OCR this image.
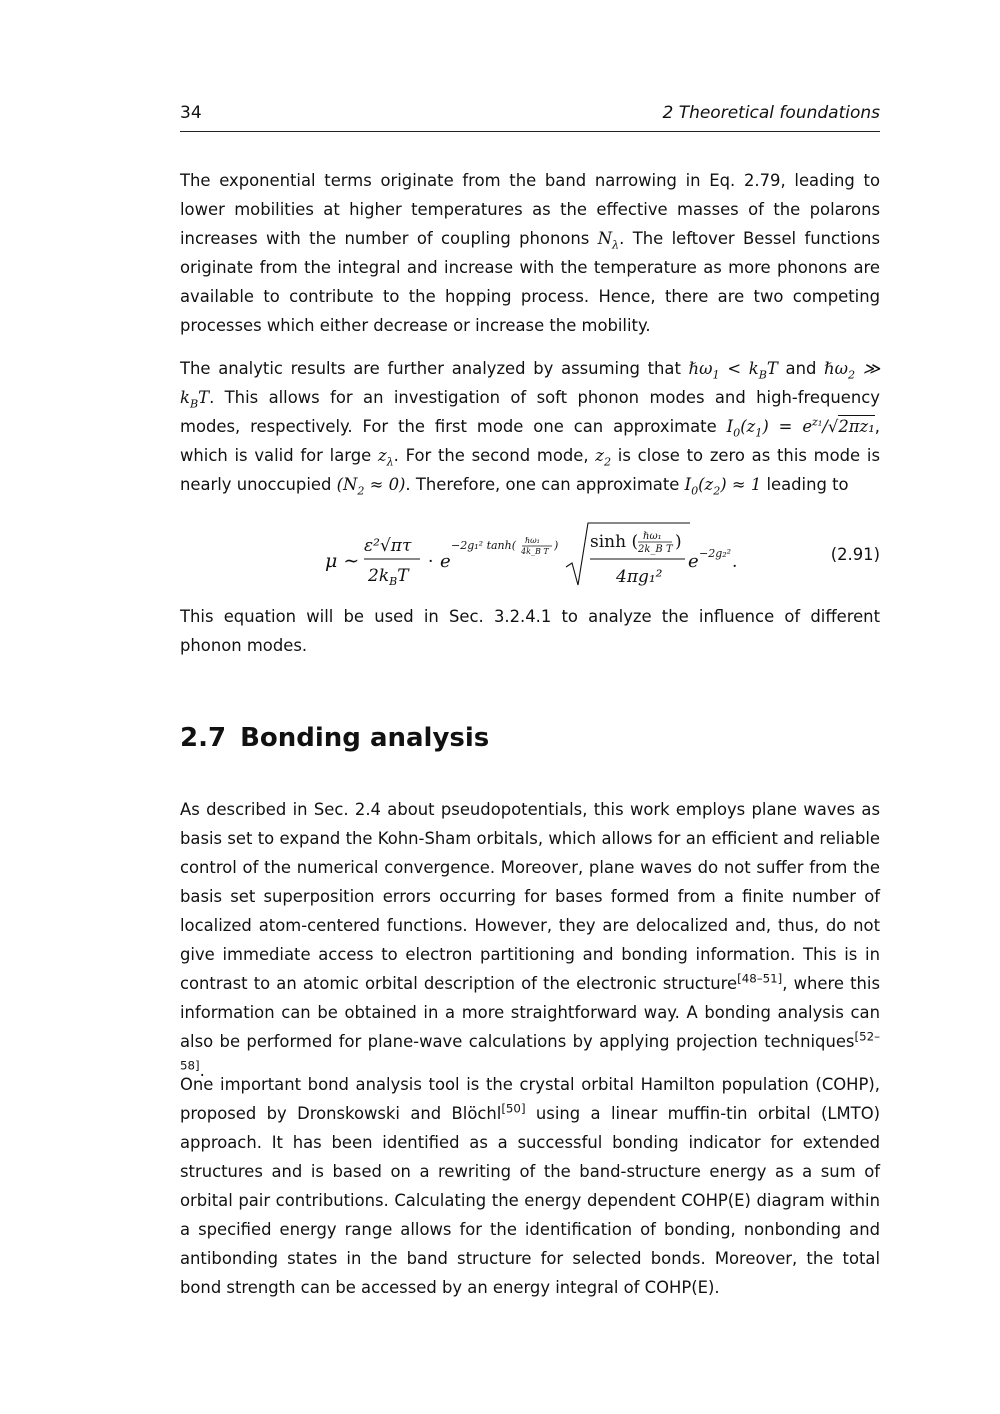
34	2 Theoretical foundations

The exponential terms originate from the band narrowing in Eq. 2.79, leading to lower mobilities at higher temperatures as the effective masses of the polarons increases with the number of coupling phonons $N_\lambda$. The leftover Bessel functions originate from the integral and increase with the temperature as more phonons are available to contribute to the hopping process. Hence, there are two competing processes which either decrease or increase the mobility.

The analytic results are further analyzed by assuming that ℏω$_1$ < $k_BT$ and ℏω$_2$ ≫ $k_BT$. This allows for an investigation of soft phonon modes and high-frequency modes, respectively. For the first mode one can approximate $I_0(z_1) = e^{z_1}/√2\pi z_1$, which is valid for large $z_\lambda$. For the second mode, $z_2$ is close to zero as this mode is nearly unoccupied $(N_2 \approx 0)$. Therefore, one can approximate $I_0(z_2) \approx 1$ leading to

μ ∼
ε²√πτ
$2k_BT$
· e
−2g₁² tanh( ℏω₁
4k_B T ) sinh ( ℏω₁
2k_B T )
4πg₁²
e −2g₂² .	(2.91)

This equation will be used in Sec. 3.2.4.1 to analyze the influence of different phonon modes.

2.7 Bonding analysis

As described in Sec. 2.4 about pseudopotentials, this work employs plane waves as basis set to expand the Kohn-Sham orbitals, which allows for an efficient and reliable control of the numerical convergence. Moreover, plane waves do not suffer from the basis set superposition errors occurring for bases formed from a finite number of localized atom-centered functions. However, they are delocalized and, thus, do not give immediate access to electron partitioning and bonding information. This is in contrast to an atomic orbital description of the electronic structure[48–51], where this information can be obtained in a more straightforward way. A bonding analysis can also be performed for plane-wave calculations by applying projection techniques[52–58].

One important bond analysis tool is the crystal orbital Hamilton population (COHP), proposed by Dronskowski and Blöchl[50] using a linear muffin-tin orbital (LMTO) approach. It has been identified as a successful bonding indicator for extended structures and is based on a rewriting of the band-structure energy as a sum of orbital pair contributions. Calculating the energy dependent COHP(E) diagram within a specified energy range allows for the identification of bonding, nonbonding and antibonding states in the band structure for selected bonds. Moreover, the total bond strength can be accessed by an energy integral of COHP(E).
